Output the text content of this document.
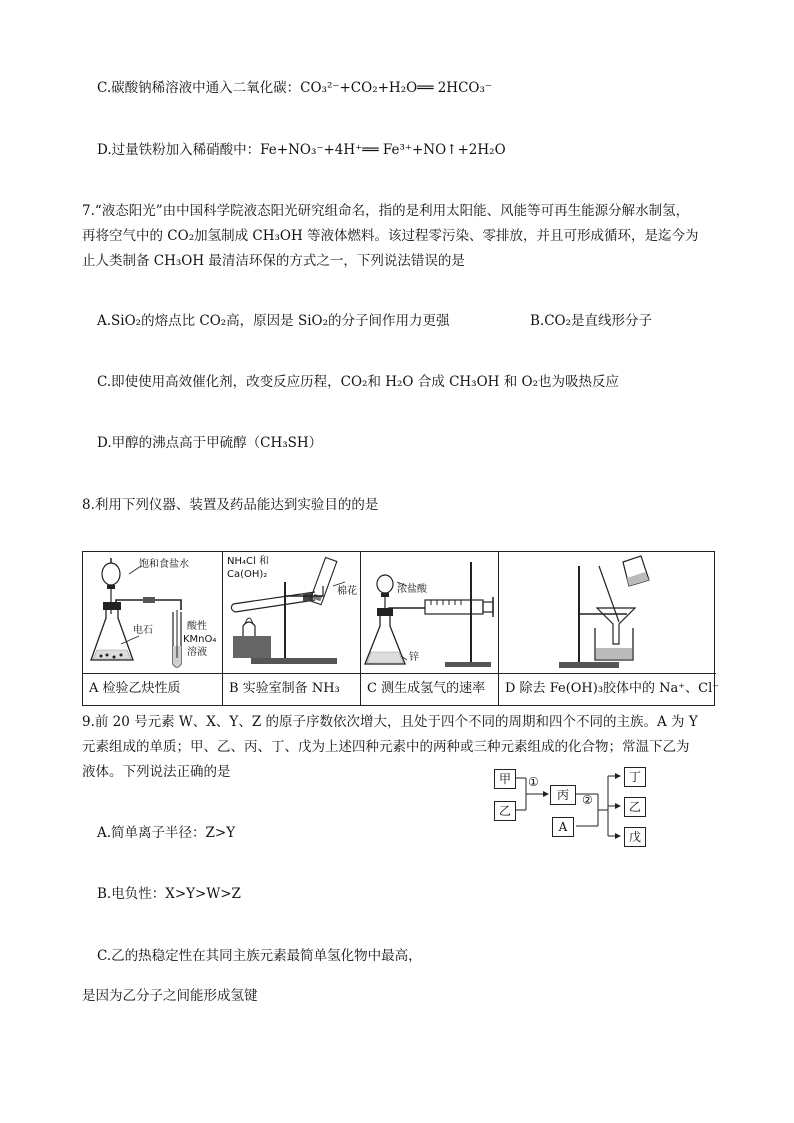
C.碳酸钠稀溶液中通入二氧化碳：CO₃²⁻+CO₂+H₂O══ 2HCO₃⁻
D.过量铁粉加入稀硝酸中：Fe+NO₃⁻+4H⁺══ Fe³⁺+NO↑+2H₂O
7.“液态阳光”由中国科学院液态阳光研究组命名，指的是利用太阳能、风能等可再生能源分解水制氢，
再将空气中的 CO₂加氢制成 CH₃OH 等液体燃料。该过程零污染、零排放，并且可形成循环，是迄今为
止人类制备 CH₃OH 最清洁环保的方式之一，下列说法错误的是
A.SiO₂的熔点比 CO₂高，原因是 SiO₂的分子间作用力更强	B.CO₂是直线形分子
C.即使使用高效催化剂，改变反应历程，CO₂和 H₂O 合成 CH₃OH 和 O₂也为吸热反应
D.甲醇的沸点高于甲硫醇（CH₃SH）
8.利用下列仪器、装置及药品能达到实验目的的是
饱和食盐水
电石	酸性
KMnO₄
溶液
NH₄Cl 和
Ca(OH)₂
棉花	浓盐酸
锌
A 检验乙炔性质	B 实验室制备 NH₃	C 测生成氢气的速率	D 除去 Fe(OH)₃胶体中的 Na⁺、Cl⁻
9.前 20 号元素 W、X、Y、Z 的原子序数依次增大，且处于四个不同的周期和四个不同的主族。A 为 Y
元素组成的单质；甲、乙、丙、丁、戊为上述四种元素中的两种或三种元素组成的化合物；常温下乙为
液体。下列说法正确的是	甲
乙
①
丙	②
A
丁
乙
戊
A.简单离子半径：Z>Y
B.电负性：X>Y>W>Z
C.乙的热稳定性在其同主族元素最简单氢化物中最高，
是因为乙分子之间能形成氢键
